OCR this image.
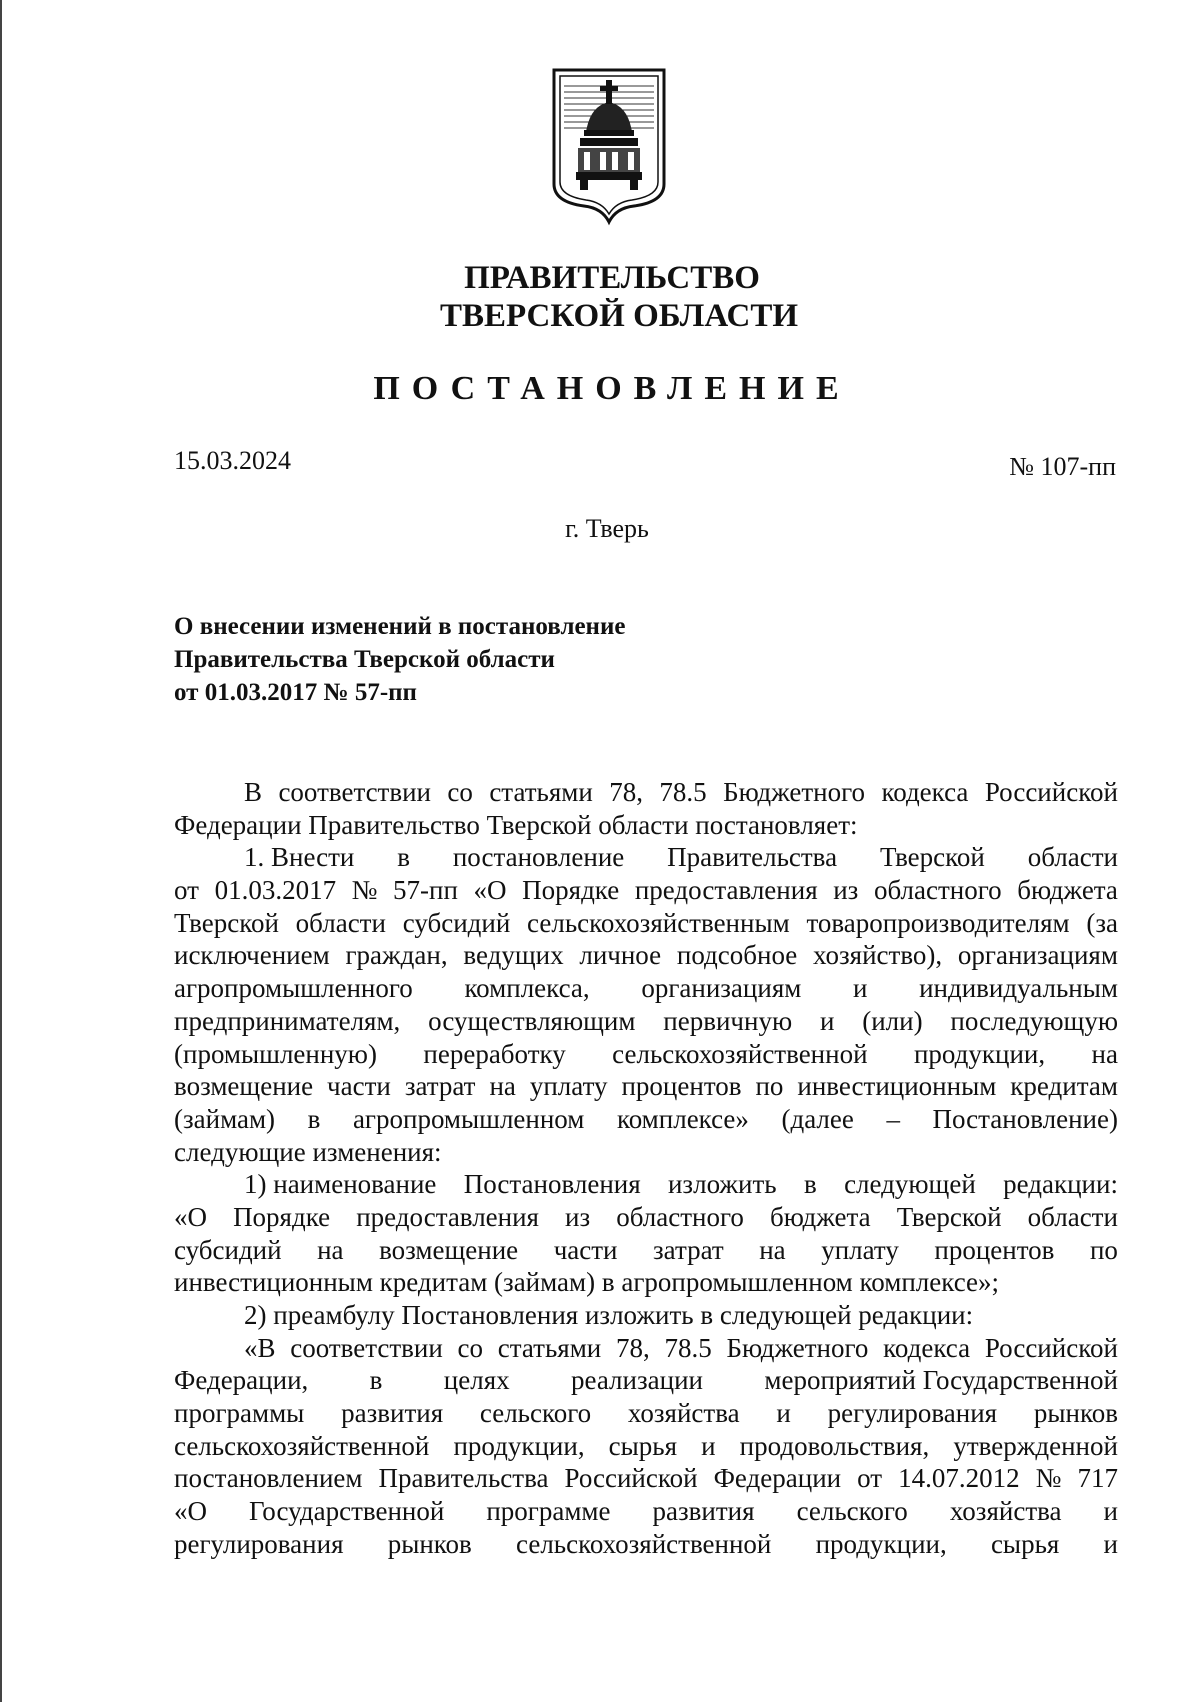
ПРАВИТЕЛЬСТВО
ТВЕРСКОЙ ОБЛАСТИ
ПОСТАНОВЛЕНИЕ
15.03.2024	№ 107-пп
г. Тверь
О внесении изменений в постановление
Правительства Тверской области
от 01.03.2017 № 57-пп
В соответствии со статьями 78, 78.5 Бюджетного кодекса Российской
Федерации Правительство Тверской области постановляет:
1. Внести в постановление Правительства Тверской области
от 01.03.2017 № 57-пп «О Порядке предоставления из областного бюджета
Тверской области субсидий сельскохозяйственным товаропроизводителям (за
исключением граждан, ведущих личное подсобное хозяйство), организациям
агропромышленного комплекса, организациям и индивидуальным
предпринимателям, осуществляющим первичную и (или) последующую
(промышленную) переработку сельскохозяйственной продукции, на
возмещение части затрат на уплату процентов по инвестиционным кредитам
(займам) в агропромышленном комплексе» (далее – Постановление)
следующие изменения:
1) наименование Постановления изложить в следующей редакции:
«О Порядке предоставления из областного бюджета Тверской области
субсидий на возмещение части затрат на уплату процентов по
инвестиционным кредитам (займам) в агропромышленном комплексе»;
2) преамбулу Постановления изложить в следующей редакции:
«В соответствии со статьями 78, 78.5 Бюджетного кодекса Российской
Федерации, в целях реализации мероприятий Государственной
программы развития сельского хозяйства и регулирования рынков
сельскохозяйственной продукции, сырья и продовольствия, утвержденной
постановлением Правительства Российской Федерации от 14.07.2012 № 717
«О Государственной программе развития сельского хозяйства и
регулирования рынков сельскохозяйственной продукции, сырья и
